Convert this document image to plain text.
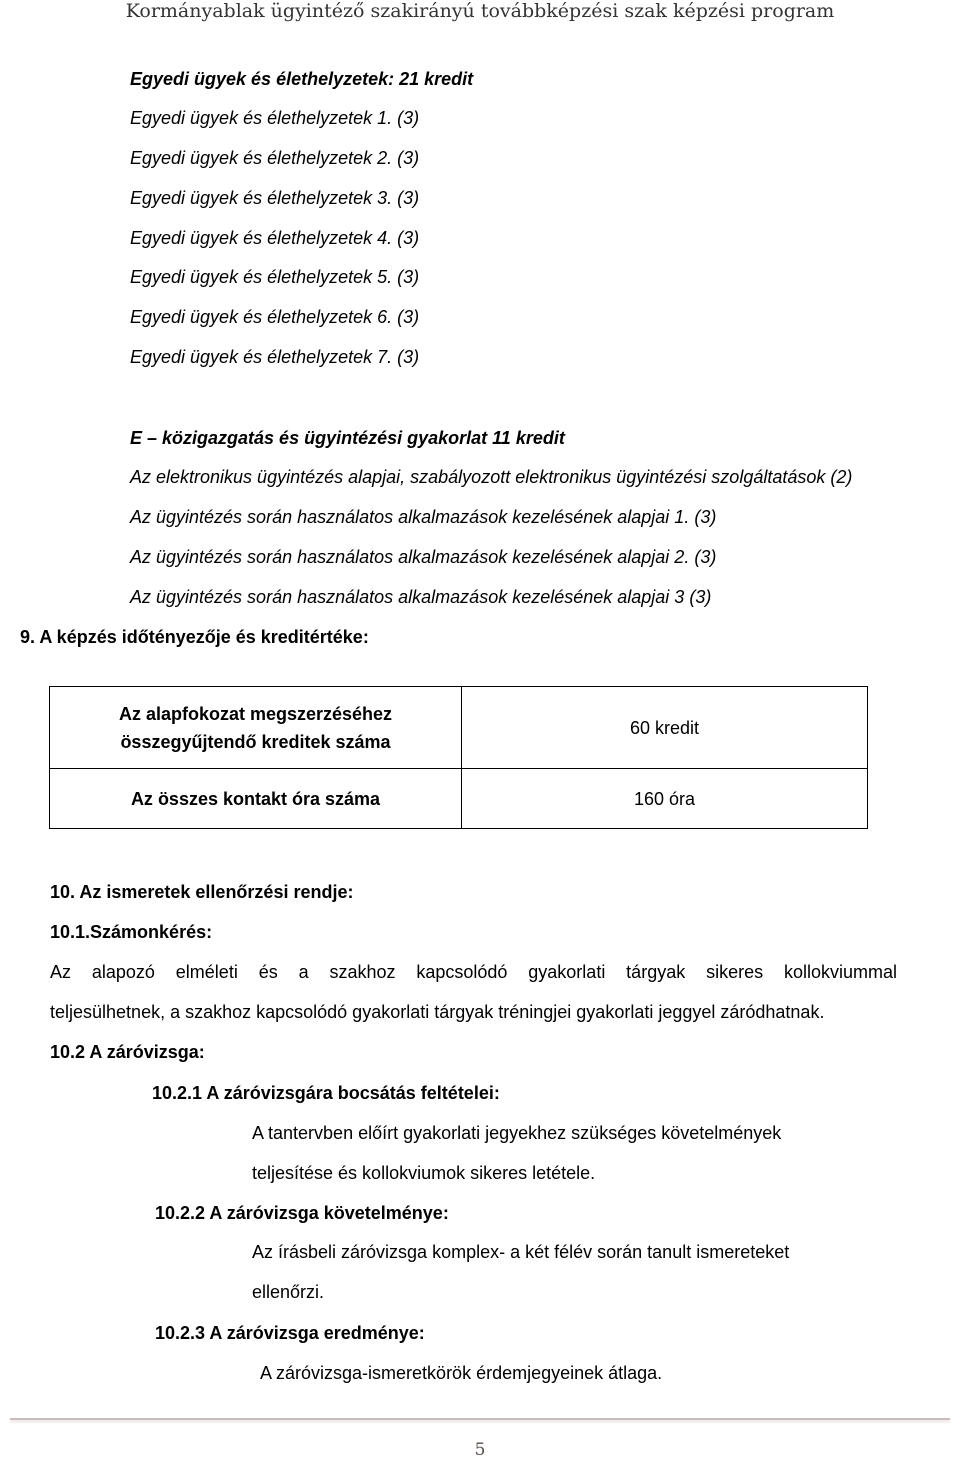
Kormányablak ügyintéző szakirányú továbbképzési szak képzési program
Egyedi ügyek és élethelyzetek: 21 kredit
Egyedi ügyek és élethelyzetek 1. (3)
Egyedi ügyek és élethelyzetek 2. (3)
Egyedi ügyek és élethelyzetek 3. (3)
Egyedi ügyek és élethelyzetek 4. (3)
Egyedi ügyek és élethelyzetek 5. (3)
Egyedi ügyek és élethelyzetek 6. (3)
Egyedi ügyek és élethelyzetek 7. (3)
E – közigazgatás és ügyintézési gyakorlat 11 kredit
Az elektronikus ügyintézés alapjai, szabályozott elektronikus ügyintézési szolgáltatások (2)
Az ügyintézés során használatos alkalmazások kezelésének alapjai 1. (3)
Az ügyintézés során használatos alkalmazások kezelésének alapjai 2. (3)
Az ügyintézés során használatos alkalmazások kezelésének alapjai 3 (3)
9. A képzés időtényezője és kreditértéke:
Az alapfokozat megszerzéséhez
összegyűjtendő kreditek száma	60 kredit
Az összes kontakt óra száma	160 óra
10. Az ismeretek ellenőrzési rendje:
10.1.Számonkérés:
Az alapozó elméleti és a szakhoz kapcsolódó gyakorlati tárgyak sikeres kollokviummal
teljesülhetnek, a szakhoz kapcsolódó gyakorlati tárgyak tréningjei gyakorlati jeggyel záródhatnak.
10.2 A záróvizsga:
10.2.1 A záróvizsgára bocsátás feltételei:
A tantervben előírt gyakorlati jegyekhez szükséges követelmények
teljesítése és kollokviumok sikeres letétele.
10.2.2 A záróvizsga követelménye:
Az írásbeli záróvizsga komplex- a két félév során tanult ismereteket
ellenőrzi.
10.2.3 A záróvizsga eredménye:
A záróvizsga-ismeretkörök érdemjegyeinek átlaga.
5
